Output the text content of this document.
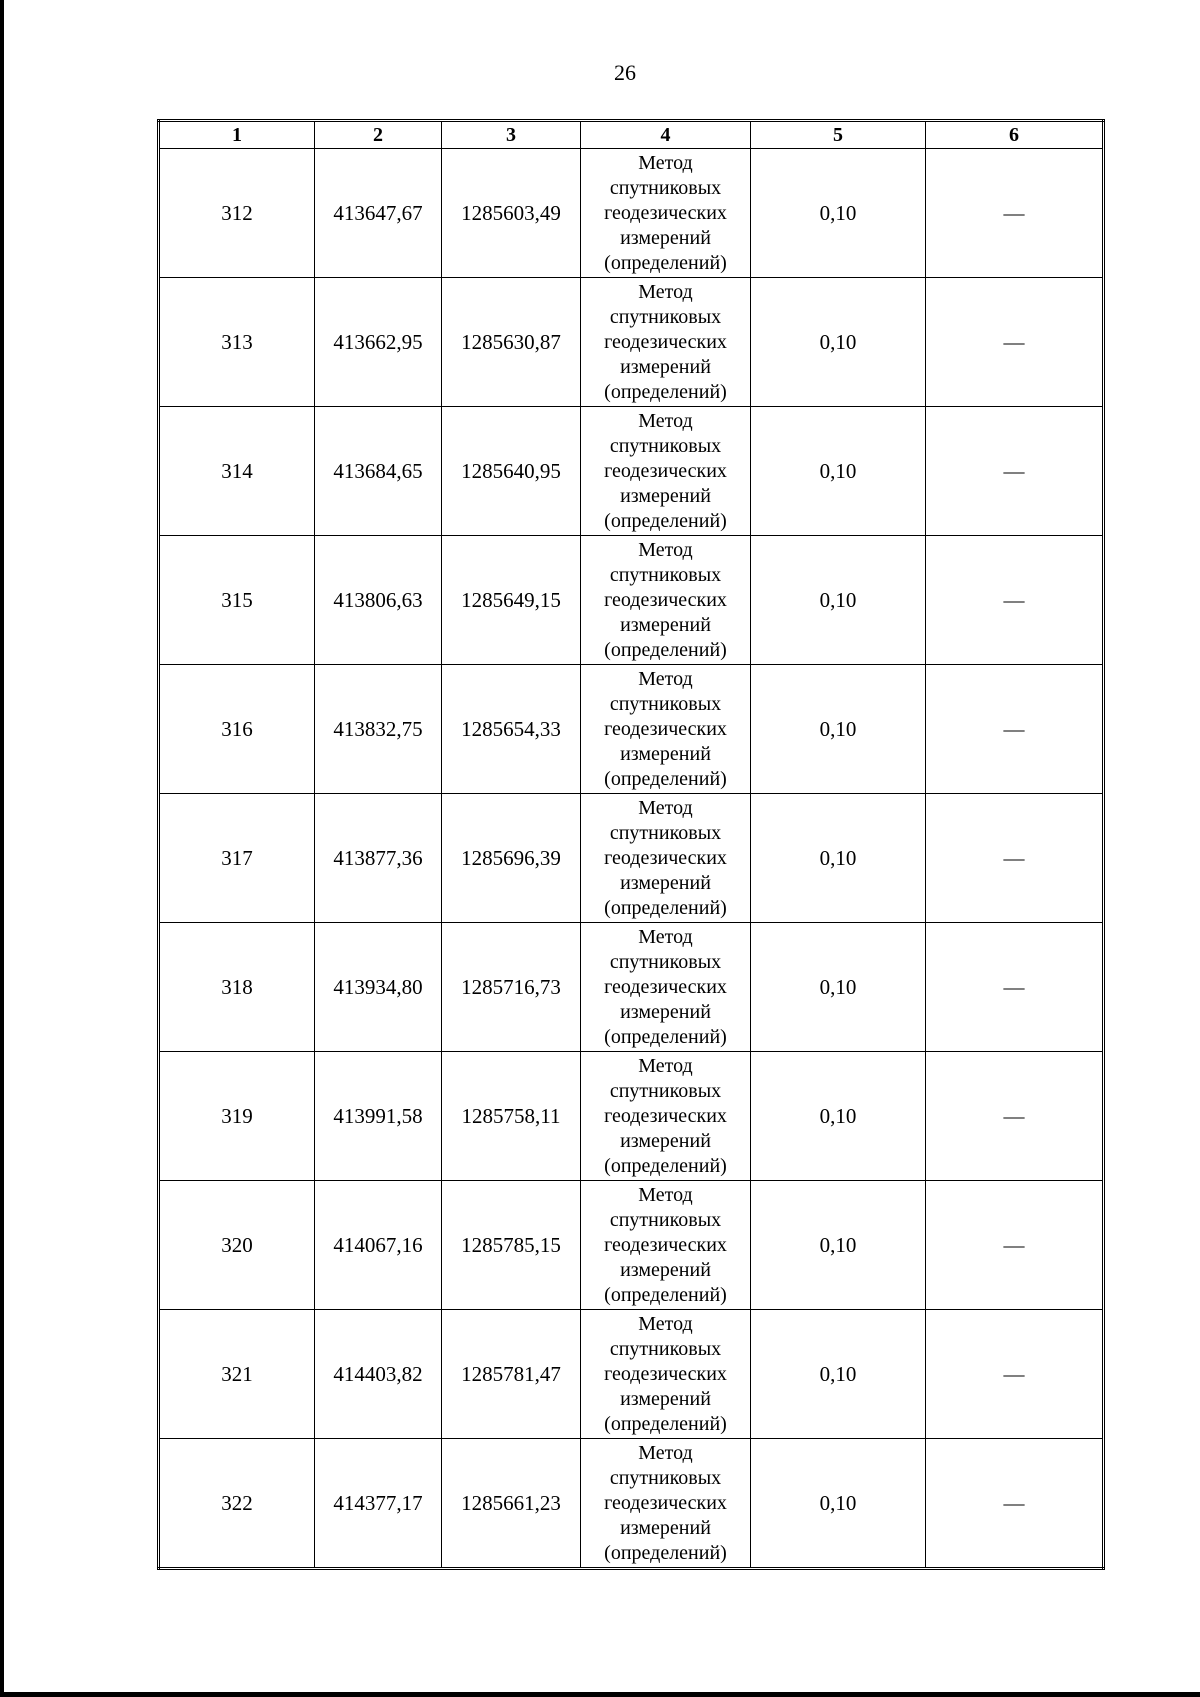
26
1	2	3	4	5	6
312	413647,67	1285603,49	Метод
спутниковых
геодезических
измерений
(определений)	0,10	—
313	413662,95	1285630,87	Метод
спутниковых
геодезических
измерений
(определений)	0,10	—
314	413684,65	1285640,95	Метод
спутниковых
геодезических
измерений
(определений)	0,10	—
315	413806,63	1285649,15	Метод
спутниковых
геодезических
измерений
(определений)	0,10	—
316	413832,75	1285654,33	Метод
спутниковых
геодезических
измерений
(определений)	0,10	—
317	413877,36	1285696,39	Метод
спутниковых
геодезических
измерений
(определений)	0,10	—
318	413934,80	1285716,73	Метод
спутниковых
геодезических
измерений
(определений)	0,10	—
319	413991,58	1285758,11	Метод
спутниковых
геодезических
измерений
(определений)	0,10	—
320	414067,16	1285785,15	Метод
спутниковых
геодезических
измерений
(определений)	0,10	—
321	414403,82	1285781,47	Метод
спутниковых
геодезических
измерений
(определений)	0,10	—
322	414377,17	1285661,23	Метод
спутниковых
геодезических
измерений
(определений)	0,10	—
